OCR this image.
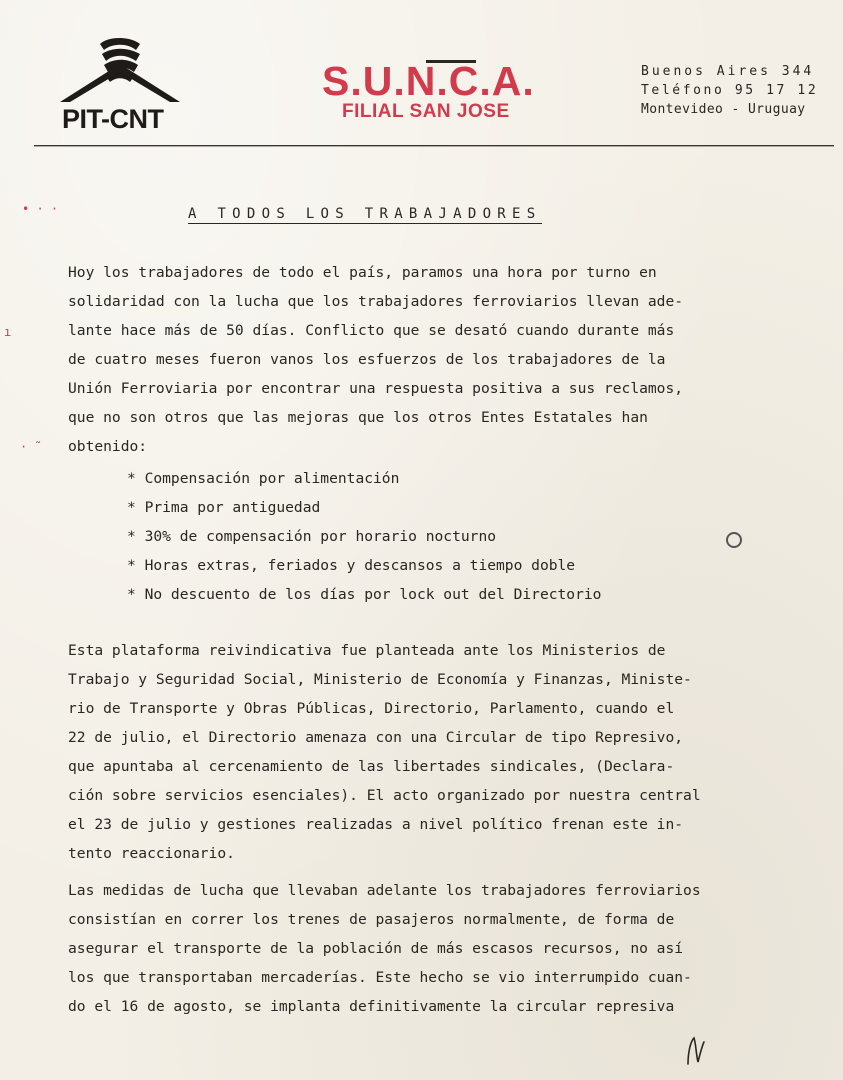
PIT-CNT
S.U.N.C.A.
FILIAL SAN JOSE
Buenos Aires 344
Teléfono 95 17 12
Montevideo - Uruguay
• · ·
ı
· ˜
A TODOS LOS TRABAJADORES
Hoy los trabajadores de todo el país, paramos una hora por turno en
solidaridad con la lucha que los trabajadores ferroviarios llevan ade-
lante hace más de 50 días. Conflicto que se desató cuando durante más
de cuatro meses fueron vanos los esfuerzos de los trabajadores de la
Unión Ferroviaria por encontrar una respuesta positiva a sus reclamos,
que no son otros que las mejoras que los otros Entes Estatales han
obtenido:
* Compensación por alimentación
* Prima por antiguedad
* 30% de compensación por horario nocturno
* Horas extras, feriados y descansos a tiempo doble
* No descuento de los días por lock out del Directorio
Esta plataforma reivindicativa fue planteada ante los Ministerios de
Trabajo y Seguridad Social, Ministerio de Economía y Finanzas, Ministe-
rio de Transporte y Obras Públicas, Directorio, Parlamento, cuando el
22 de julio, el Directorio amenaza con una Circular de tipo Represivo,
que apuntaba al cercenamiento de las libertades sindicales, (Declara-
ción sobre servicios esenciales). El acto organizado por nuestra central
el 23 de julio y gestiones realizadas a nivel político frenan este in-
tento reaccionario.
Las medidas de lucha que llevaban adelante los trabajadores ferroviarios
consistían en correr los trenes de pasajeros normalmente, de forma de
asegurar el transporte de la población de más escasos recursos, no así
los que transportaban mercaderías. Este hecho se vio interrumpido cuan-
do el 16 de agosto, se implanta definitivamente la circular represiva
